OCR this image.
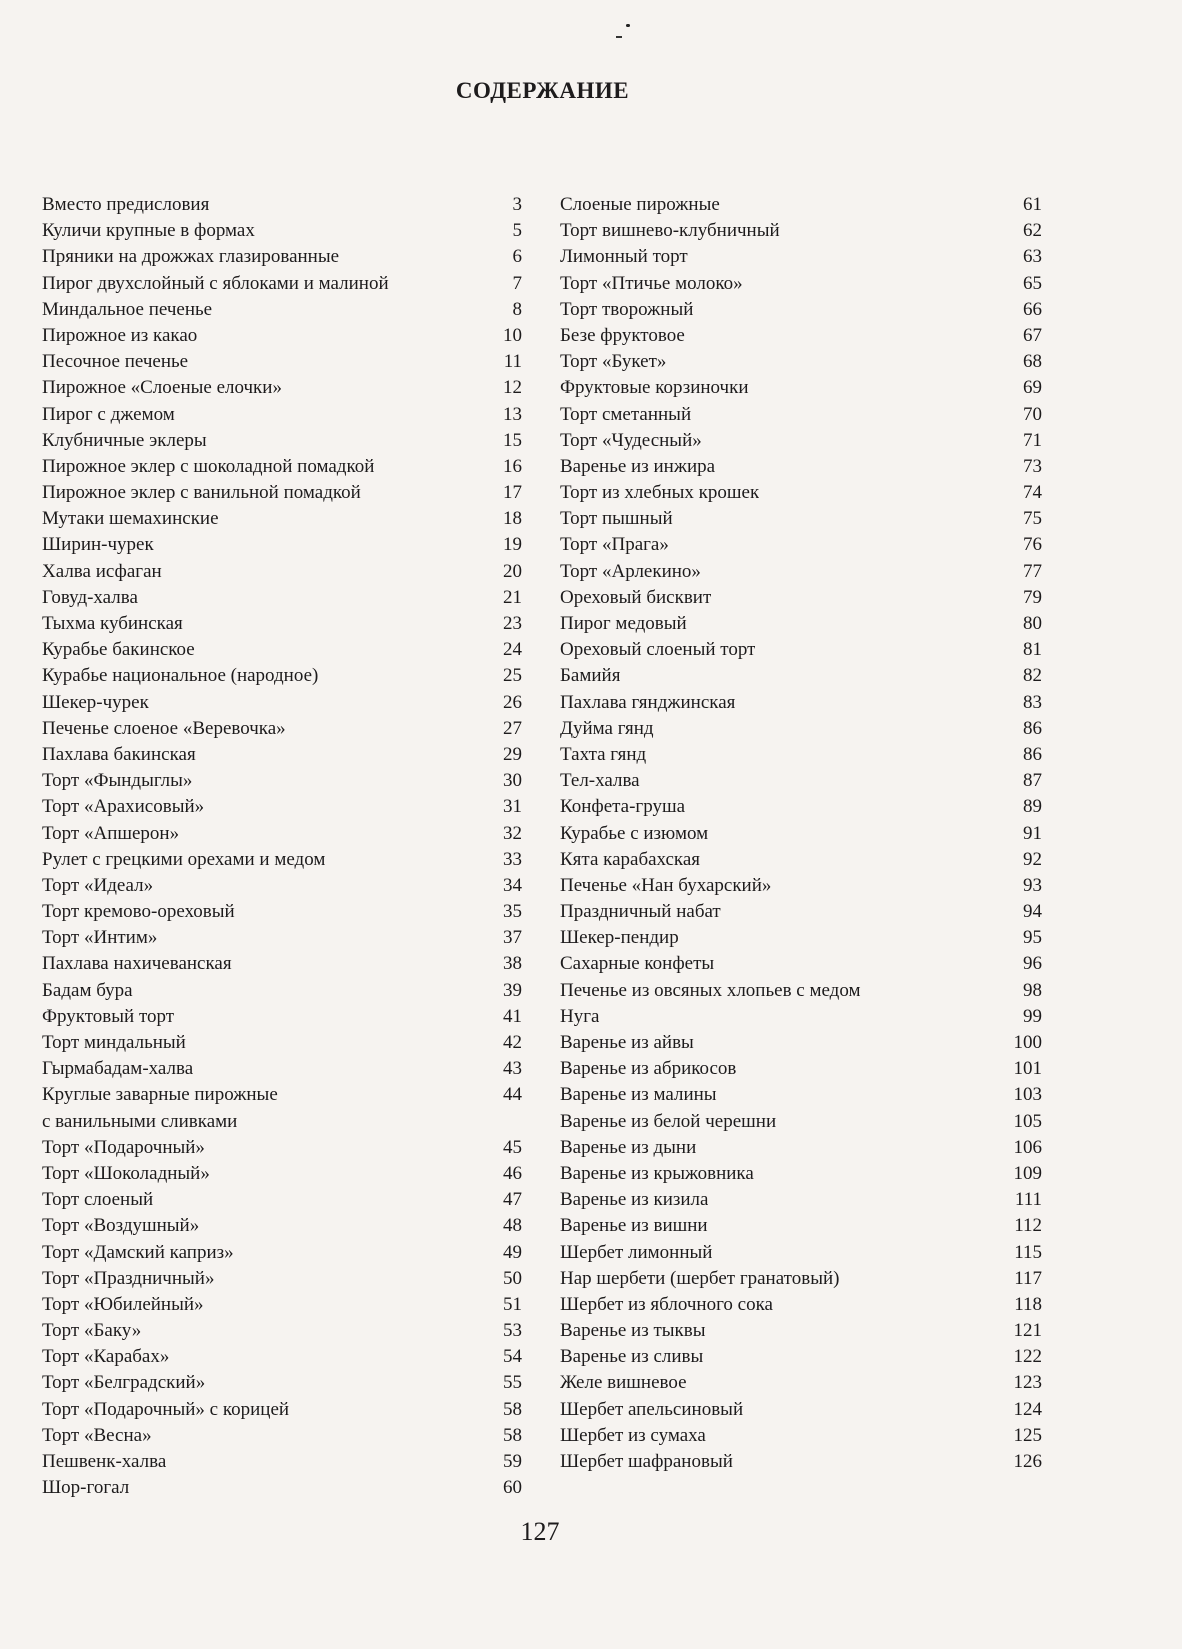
СОДЕРЖАНИЕ
Вместо предисловия	3
Куличи крупные в формах	5
Пряники на дрожжах глазированные	6
Пирог двухслойный с яблоками и малиной	7
Миндальное печенье	8
Пирожное из какао	10
Песочное печенье	11
Пирожное «Слоеные елочки»	12
Пирог с джемом	13
Клубничные эклеры	15
Пирожное эклер с шоколадной помадкой	16
Пирожное эклер с ванильной помадкой	17
Мутаки шемахинские	18
Ширин-чурек	19
Халва исфаган	20
Говуд-халва	21
Тыхма кубинская	23
Курабье бакинское	24
Курабье национальное (народное)	25
Шекер-чурек	26
Печенье слоеное «Веревочка»	27
Пахлава бакинская	29
Торт «Фындыглы»	30
Торт «Арахисовый»	31
Торт «Апшерон»	32
Рулет с грецкими орехами и медом	33
Торт «Идеал»	34
Торт кремово-ореховый	35
Торт «Интим»	37
Пахлава нахичеванская	38
Бадам бура	39
Фруктовый торт	41
Торт миндальный	42
Гырмабадам-халва	43
Круглые заварные пирожные	44
с ванильными сливками
Торт «Подарочный»	45
Торт «Шоколадный»	46
Торт слоеный	47
Торт «Воздушный»	48
Торт «Дамский каприз»	49
Торт «Праздничный»	50
Торт «Юбилейный»	51
Торт «Баку»	53
Торт «Карабах»	54
Торт «Белградский»	55
Торт «Подарочный» с корицей	58
Торт «Весна»	58
Пешвенк-халва	59
Шор-гогал	60
Слоеные пирожные	61
Торт вишнево-клубничный	62
Лимонный торт	63
Торт «Птичье молоко»	65
Торт творожный	66
Безе фруктовое	67
Торт «Букет»	68
Фруктовые корзиночки	69
Торт сметанный	70
Торт «Чудесный»	71
Варенье из инжира	73
Торт из хлебных крошек	74
Торт пышный	75
Торт «Прага»	76
Торт «Арлекино»	77
Ореховый бисквит	79
Пирог медовый	80
Ореховый слоеный торт	81
Бамийя	82
Пахлава гянджинская	83
Дуйма гянд	86
Тахта гянд	86
Тел-халва	87
Конфета-груша	89
Курабье с изюмом	91
Кята карабахская	92
Печенье «Нан бухарский»	93
Праздничный набат	94
Шекер-пендир	95
Сахарные конфеты	96
Печенье из овсяных хлопьев с медом	98
Нуга	99
Варенье из айвы	100
Варенье из абрикосов	101
Варенье из малины	103
Варенье из белой черешни	105
Варенье из дыни	106
Варенье из крыжовника	109
Варенье из кизила	111
Варенье из вишни	112
Шербет лимонный	115
Нар шербети (шербет гранатовый)	117
Шербет из яблочного сока	118
Варенье из тыквы	121
Варенье из сливы	122
Желе вишневое	123
Шербет апельсиновый	124
Шербет из сумаха	125
Шербет шафрановый	126
127
